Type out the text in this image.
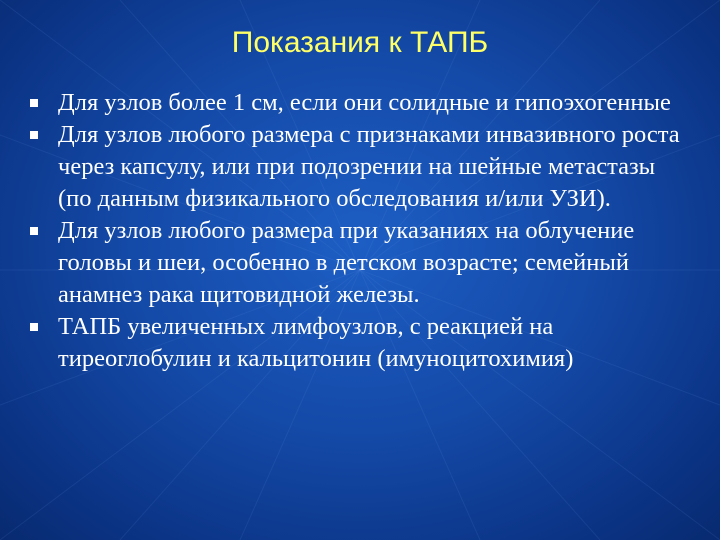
Показания к ТАПБ
Для узлов более 1 см, если они солидные и гипоэхогенные
Для узлов любого размера с признаками инвазивного роста через капсулу, или при подозрении на шейные метастазы (по данным физикального обследования и/или УЗИ).
Для узлов любого размера при указаниях на облучение головы и шеи, особенно в детском возрасте; семейный анамнез рака щитовидной железы.
ТАПБ увеличенных лимфоузлов, с реакцией на тиреоглобулин и кальцитонин (имуноцитохимия)
